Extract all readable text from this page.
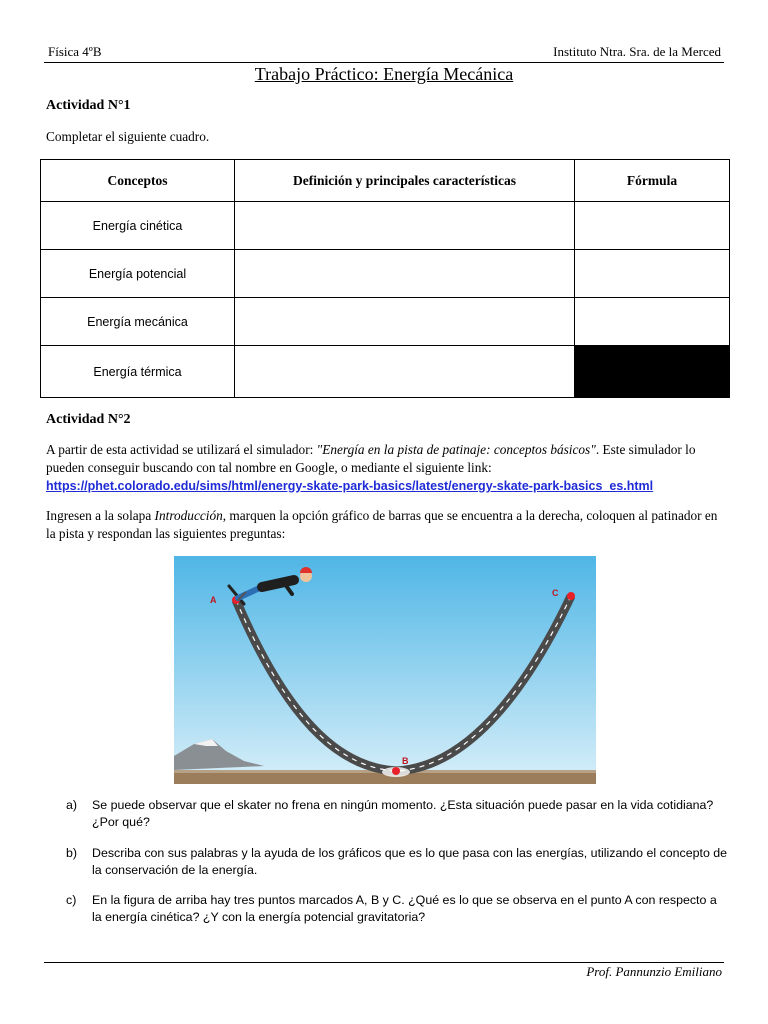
Física 4ºB	Instituto Ntra. Sra. de la Merced
Trabajo Práctico: Energía Mecánica
Actividad N°1
Completar el siguiente cuadro.
Conceptos	Definición y principales características	Fórmula
Energía cinética		
Energía potencial		
Energía mecánica		
Energía térmica		
Actividad N°2
A partir de esta actividad se utilizará el simulador: "Energía en la pista de patinaje: conceptos básicos". Este simulador lo pueden conseguir buscando con tal nombre en Google, o mediante el siguiente link:
https://phet.colorado.edu/sims/html/energy-skate-park-basics/latest/energy-skate-park-basics_es.html
Ingresen a la solapa Introducción, marquen la opción gráfico de barras que se encuentra a la derecha, coloquen al patinador en la pista y respondan las siguientes preguntas:
A
B
C
a) Se puede observar que el skater no frena en ningún momento. ¿Esta situación puede pasar en la vida cotidiana? ¿Por qué?
b) Describa con sus palabras y la ayuda de los gráficos que es lo que pasa con las energías, utilizando el concepto de la conservación de la energía.
c) En la figura de arriba hay tres puntos marcados A, B y C. ¿Qué es lo que se observa en el punto A con respecto a la energía cinética? ¿Y con la energía potencial gravitatoria?
Prof. Pannunzio Emiliano
